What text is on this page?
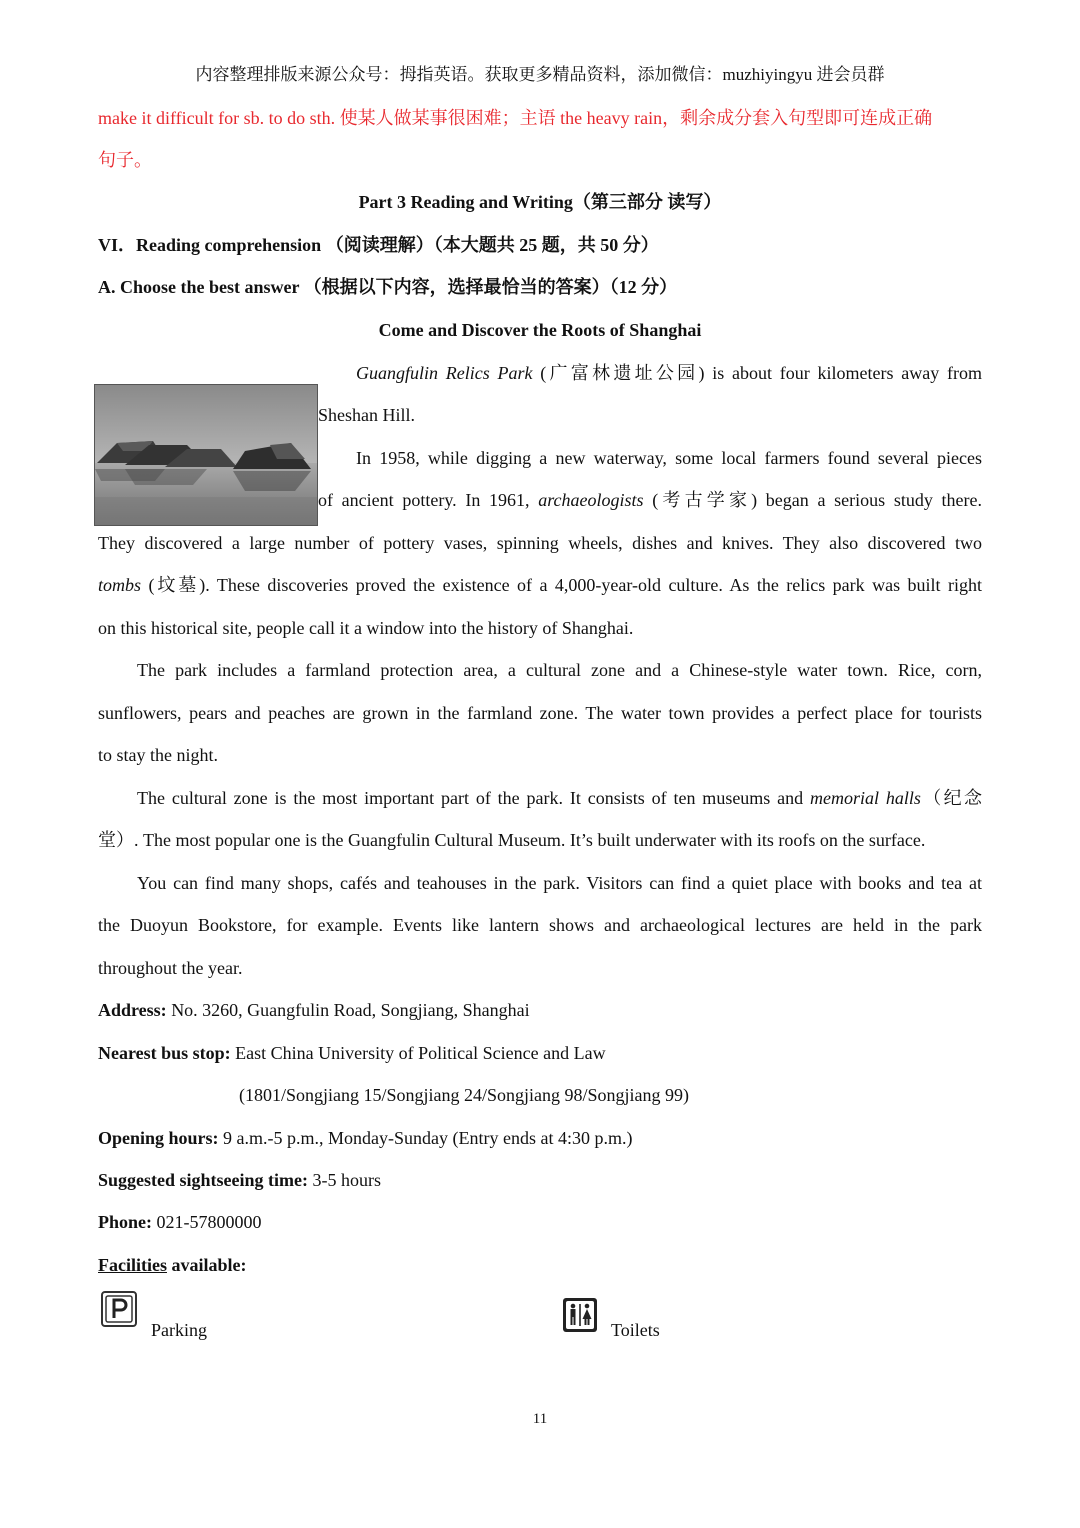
内容整理排版来源公众号：拇指英语。获取更多精品资料，添加微信：muzhiyingyu 进会员群
make it difficult for sb. to do sth. 使某人做某事很困难；主语 the heavy rain，剩余成分套入句型即可连成正确
句子。
Part 3 Reading and Writing（第三部分 读写）
VI．Reading comprehension （阅读理解）（本大题共 25 题，共 50 分）
A. Choose the best answer （根据以下内容，选择最恰当的答案）（12 分）
Come and Discover the Roots of Shanghai
Guangfulin Relics Park (广富林遗址公园) is about four kilometers away from
Sheshan Hill.
In 1958, while digging a new waterway, some local farmers found several pieces
of ancient pottery. In 1961, archaeologists (考古学家) began a serious study there.
They discovered a large number of pottery vases, spinning wheels, dishes and knives. They also discovered two
tombs (坟墓). These discoveries proved the existence of a 4,000-year-old culture. As the relics park was built right
on this historical site, people call it a window into the history of Shanghai.
The park includes a farmland protection area, a cultural zone and a Chinese-style water town. Rice, corn,
sunflowers, pears and peaches are grown in the farmland zone. The water town provides a perfect place for tourists
to stay the night.
The cultural zone is the most important part of the park. It consists of ten museums and memorial halls（纪念
堂）. The most popular one is the Guangfulin Cultural Museum. It’s built underwater with its roofs on the surface.
You can find many shops, cafés and teahouses in the park. Visitors can find a quiet place with books and tea at
the Duoyun Bookstore, for example. Events like lantern shows and archaeological lectures are held in the park
throughout the year.
Address: No. 3260, Guangfulin Road, Songjiang, Shanghai
Nearest bus stop: East China University of Political Science and Law
(1801/Songjiang 15/Songjiang 24/Songjiang 98/Songjiang 99)
Opening hours: 9 a.m.-5 p.m., Monday-Sunday (Entry ends at 4:30 p.m.)
Suggested sightseeing time: 3-5 hours
Phone: 021-57800000
Facilities available:
Parking	Toilets
11
